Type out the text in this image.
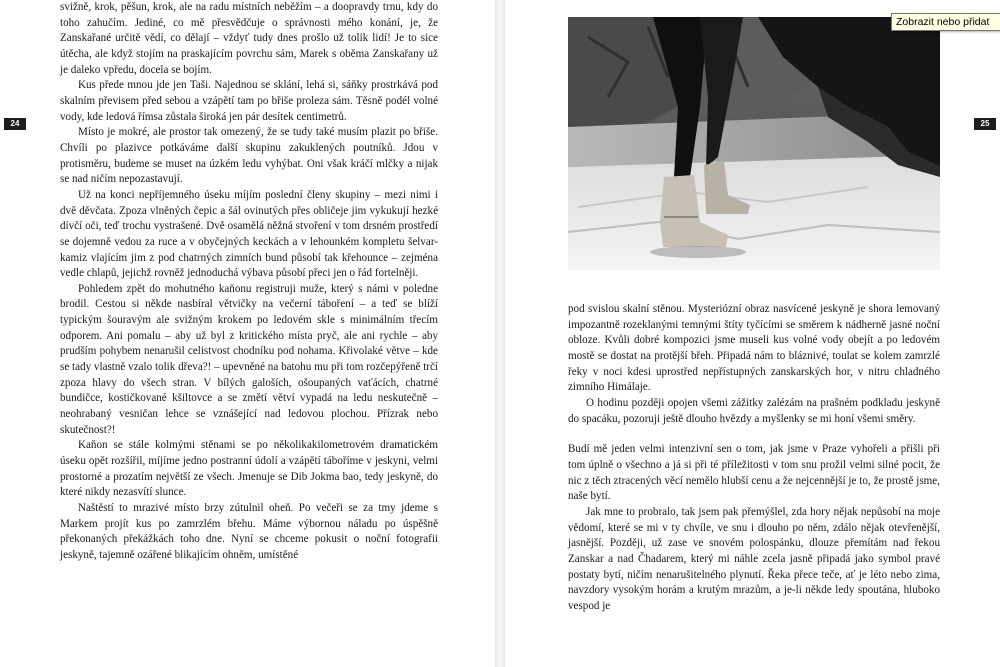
svižně, krok, pěšun, krok, ale na radu místních neběžím – a doopravdy trnu, kdy do toho zahučím. Jediné, co mě přesvědčuje o správnosti mého konání, je, že Zanskařané určitě vědí, co dělají – vždyť tudy dnes prošlo už tolik lidí! Je to sice útěcha, ale když stojím na praskajícím povrchu sám, Marek s oběma Zanskařany už je daleko vpředu, docela se bojím.

Kus přede mnou jde jen Taši. Najednou se sklání, lehá si, sáňky prostrkává pod skalním převisem před sebou a vzápětí tam po břiše proleza sám. Těsně podél volné vody, kde ledová římsa zůstala široká jen pár desítek centimetrů.

Místo je mokré, ale prostor tak omezený, že se tudy také musím plazit po břiše. Chvíli po plazivce potkáváme další skupinu zakuklených poutníků. Jdou v protisměru, budeme se muset na úzkém ledu vyhýbat. Oni však kráčí mlčky a nijak se nad ničím nepozastavují.

Už na konci nepříjemného úseku míjím poslední členy skupiny – mezi nimi i dvě děvčata. Zpoza vlněných čepic a šál ovinutých přes obličeje jim vykukují hezké dívčí oči, teď trochu vystrašené. Dvě osamělá něžná stvoření v tom drsném prostředí se dojemně vedou za ruce a v obyčejných keckách a v lehounkém kompletu šelvar-kamiz vlajícím jim z pod chatrných zimních bund působí tak křehounce – zejména vedle chlapů, jejichž rovněž jednoduchá výbava působí přeci jen o řád fortelněji.

Pohledem zpět do mohutného kaňonu registruji muže, který s námi v poledne brodil. Cestou si někde nasbíral větvičky na večerní táboření – a teď se blíží typickým šouravým ale svižným krokem po ledovém skle s minimálním třecím odporem. Ani pomalu – aby už byl z kritického místa pryč, ale ani rychle – aby prudším pohybem nenarušil celistvost chodníku pod nohama. Křivolaké větve – kde se tady vlastně vzalo tolik dřeva?! – upevněné na batohu mu při tom rozčepýřeně trčí zpoza hlavy do všech stran. V bílých galoších, ošoupaných vaťácích, chatrné bundičce, kostičkované kšiltovce a se změtí větví vypadá na ledu neskutečně – neohrabaný vesničan lehce se vznášející nad ledovou plochou. Přízrak nebo skutečnost?!

Kaňon se stále kolmými stěnami se po několikakilometrovém dramatickém úseku opět rozšířil, míjíme jedno postranní údolí a vzápětí táboříme v jeskyni, velmi prostorné a prozatím největší ze všech. Jmenuje se Dib Jokma bao, tedy jeskyně, do které nikdy nezasvítí slunce.

Naštěstí to mrazivé místo brzy zútulnil oheň. Po večeři se za tmy jdeme s Markem projít kus po zamrzlém břehu. Máme výbornou náladu po úspěšně překonaných překážkách toho dne. Nyní se chceme pokusit o noční fotografii jeskyně, tajemně ozářené blikajícím ohněm, umístěné

pod svislou skalní stěnou. Mysteriózní obraz nasvícené jeskyně je shora lemovaný impozantně rozeklanými temnými štíty tyčícími se směrem k nádherně jasné noční obloze. Kvůli dobré kompozici jsme museli kus volné vody obejít a po ledovém mostě se dostat na protější břeh. Připadá nám to bláznivé, toulat se kolem zamrzlé řeky v noci kdesi uprostřed nepřístupných zanskarských hor, v nitru chladného zimního Himálaje.

O hodinu později opojen všemi zážitky zalézám na prašném podkladu jeskyně do spacáku, pozoruji ještě dlouho hvězdy a myšlenky se mi honí všemi směry.

Budí mě jeden velmi intenzivní sen o tom, jak jsme v Praze vyhořeli a přišli při tom úplně o všechno a já si při té příležitosti v tom snu prožil velmi silné pocit, že nic z těch ztracených věcí nemělo hlubší cenu a že nejcennější je to, že prostě jsme, naše bytí.

Jak mne to probralo, tak jsem pak přemýšlel, zda hory nějak nepůsobí na moje vědomí, které se mi v ty chvíle, ve snu i dlouho po něm, zdálo nějak otevřenější, jasnější. Později, už zase ve snovém polospánku, dlouze přemítám nad řekou Zanskar a nad Čhadarem, který mi náhle zcela jasně připadá jako symbol pravé postaty bytí, ničím nenarušitelného plynutí. Řeka přece teče, ať je léto nebo zima, navzdory vysokým horám a krutým mrazům, a je-li někde ledy spoutána, hluboko vespod je

24	25
Zobrazit nebo přidat
